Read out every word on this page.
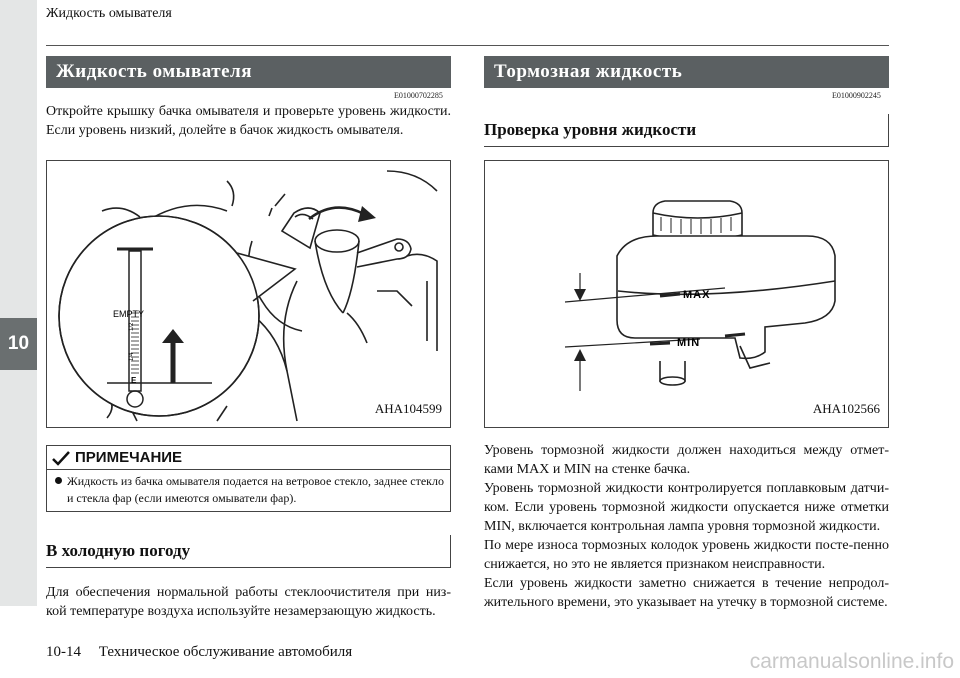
10
Жидкость омывателя
Жидкость омывателя
E01000702285
Откройте крышку бачка омывателя и проверьте уровень жидкости. Если уровень низкий, долейте в бачок жидкость омывателя.
EMPTY
1/2
1/4
E
AHA104599
ПРИМЕЧАНИЕ
Жидкость из бачка омывателя подается на ветровое стекло, заднее стекло и стекла фар (если имеются омыватели фар).
В холодную погоду
Для обеспечения нормальной работы стеклоочистителя при низ-кой температуре воздуха используйте незамерзающую жидкость.
Тормозная жидкость
E01000902245
Проверка уровня жидкости
MAX
MIN
AHA102566
Уровень тормозной жидкости должен находиться между отмет-ками MAX и MIN на стенке бачка.
Уровень тормозной жидкости контролируется поплавковым датчи-ком. Если уровень тормозной жидкости опускается ниже отметки MIN, включается контрольная лампа уровня тормозной жидкости.
По мере износа тормозных колодок уровень жидкости посте-пенно снижается, но это не является признаком неисправности.
Если уровень жидкости заметно снижается в течение непродол-жительного времени, это указывает на утечку в тормозной системе.
10-14 Техническое обслуживание автомобиля	carmanualsonline.info
